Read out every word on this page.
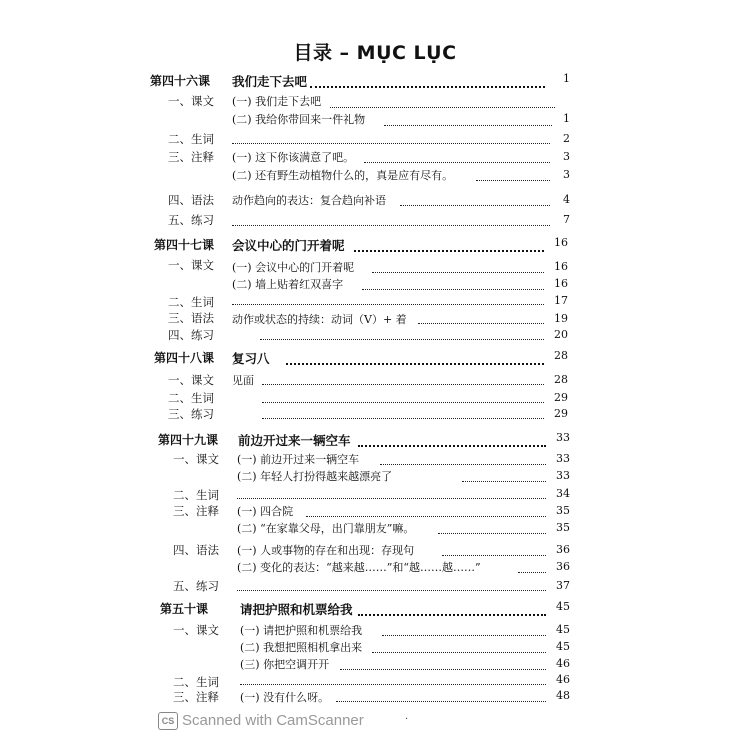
目录 – MỤC LỤC
第四十六课 我们走下去吧	1
一、课文 (一) 我们走下去吧
(二) 我给你带回来一件礼物	1
二、生词	2
三、注释 (一) 这下你该满意了吧。	3
(二) 还有野生动植物什么的，真是应有尽有。	3
四、语法 动作趋向的表达：复合趋向补语	4
五、练习	7
第四十七课 会议中心的门开着呢	16
一、课文 (一) 会议中心的门开着呢	16
(二) 墙上贴着红双喜字	16
二、生词	17
三、语法 动作或状态的持续：动词（V）+ 着	19
四、练习	20
第四十八课 复习八	28
一、课文 见面	28
二、生词	29
三、练习	29
第四十九课 前边开过来一辆空车	33
一、课文 (一) 前边开过来一辆空车	33
(二) 年轻人打扮得越来越漂亮了	33
二、生词	34
三、注释 (一) 四合院	35
(二) “在家靠父母，出门靠朋友”嘛。	35
四、语法 (一) 人或事物的存在和出现：存现句	36
(二) 变化的表达：“越来越……”和“越……越……”	36
五、练习	37
第五十课	请把护照和机票给我	45
一、课文 (一) 请把护照和机票给我	45
(二) 我想把照相机拿出来	45
(三) 你把空调开开	46
二、生词	46
三、注释 (一) 没有什么呀。	48
CS Scanned with CamScanner	·
